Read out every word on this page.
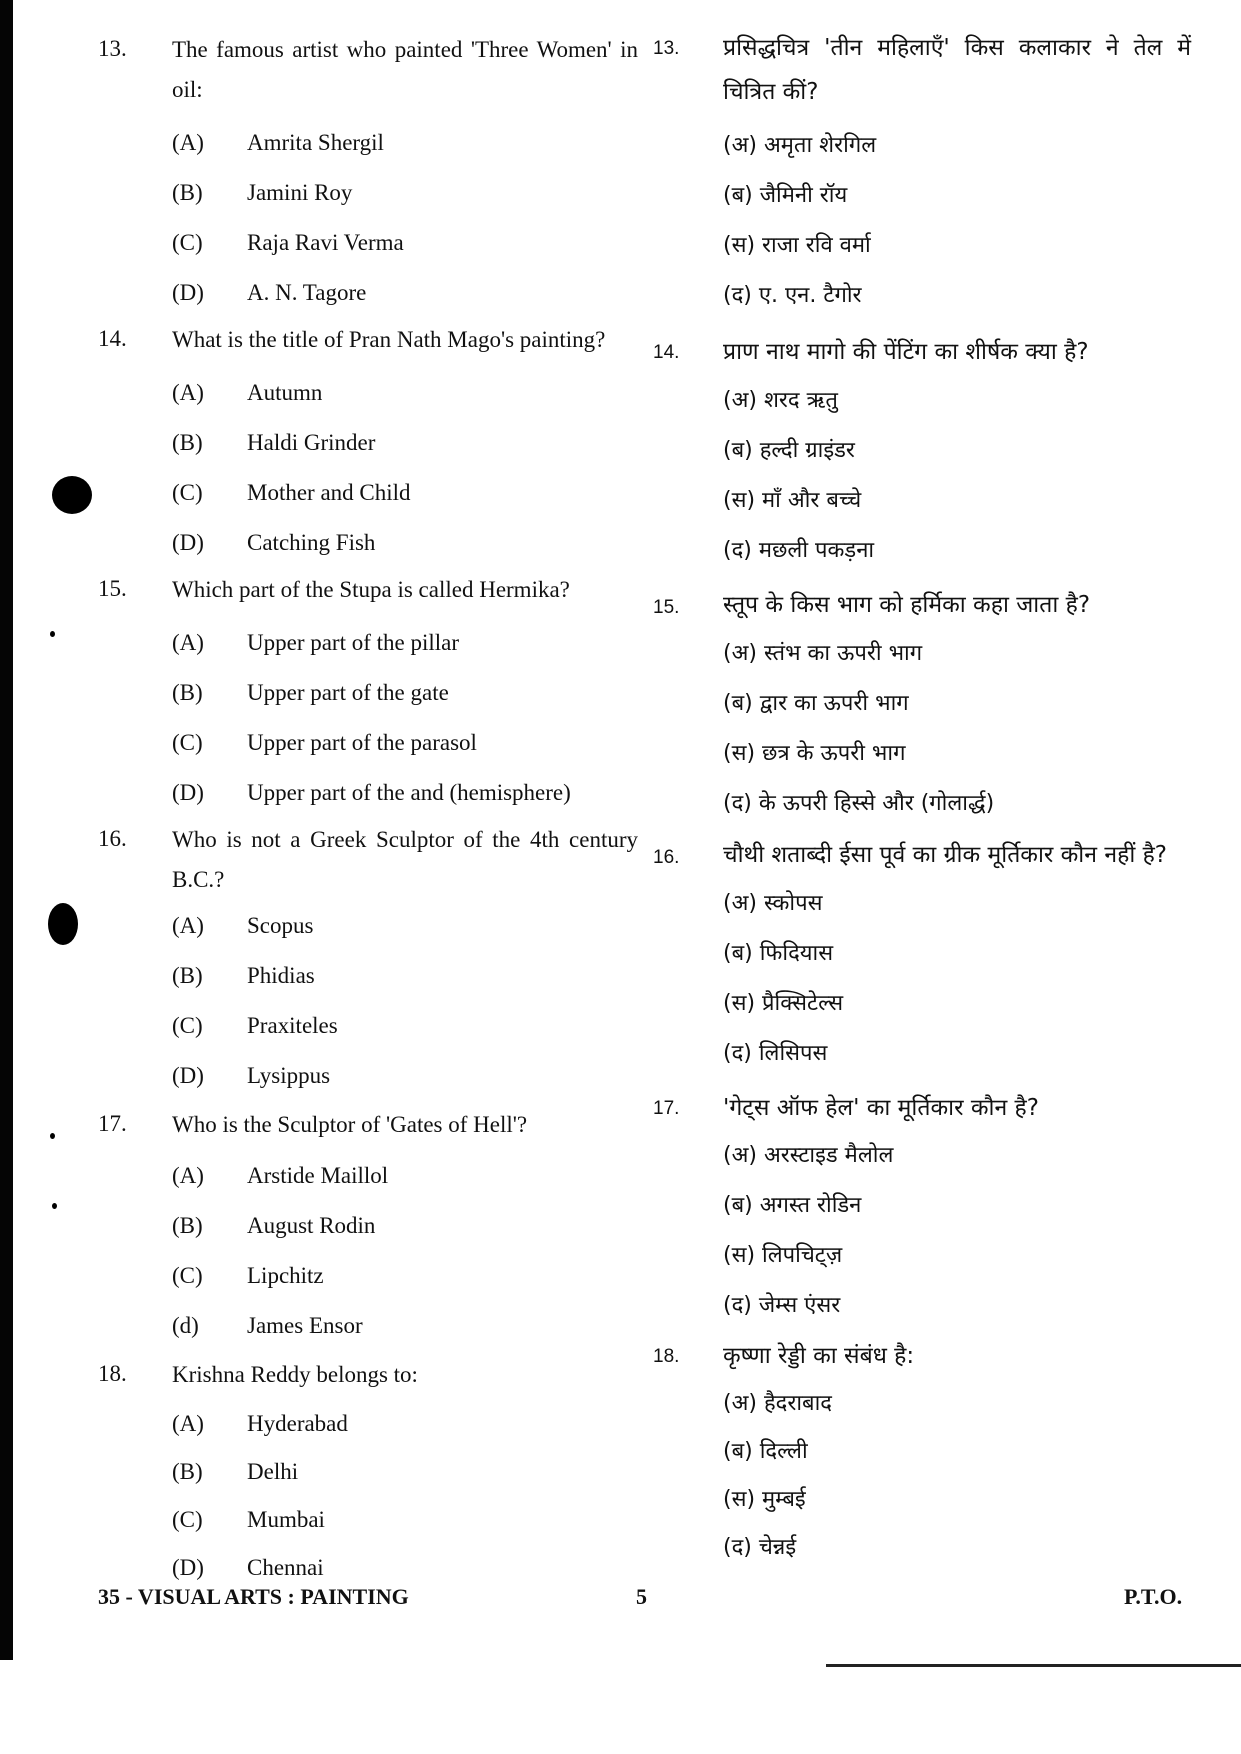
13. The famous artist who painted 'Three Women' in oil:
(A) Amrita Shergil
(B) Jamini Roy
(C) Raja Ravi Verma
(D) A. N. Tagore
14. What is the title of Pran Nath Mago's painting?
(A) Autumn
(B) Haldi Grinder
(C) Mother and Child
(D) Catching Fish
15. Which part of the Stupa is called Hermika?
(A) Upper part of the pillar
(B) Upper part of the gate
(C) Upper part of the parasol
(D) Upper part of the and (hemisphere)
16. Who is not a Greek Sculptor of the 4th century B.C.?
(A) Scopus
(B) Phidias
(C) Praxiteles
(D) Lysippus
17. Who is the Sculptor of 'Gates of Hell'?
(A) Arstide Maillol
(B) August Rodin
(C) Lipchitz
(d) James Ensor
18. Krishna Reddy belongs to:
(A) Hyderabad
(B) Delhi
(C) Mumbai
(D) Chennai
13. प्रसिद्धचित्र 'तीन महिलाएँ' किस कलाकार ने तेल में चित्रित कीं?
(अ) अमृता शेरगिल
(ब) जैमिनी रॉय
(स) राजा रवि वर्मा
(द) ए. एन. टैगोर
14. प्राण नाथ मागो की पेंटिंग का शीर्षक क्या है?
(अ) शरद ऋतु
(ब) हल्दी ग्राइंडर
(स) माँ और बच्चे
(द) मछली पकड़ना
15. स्तूप के किस भाग को हर्मिका कहा जाता है?
(अ) स्तंभ का ऊपरी भाग
(ब) द्वार का ऊपरी भाग
(स) छत्र के ऊपरी भाग
(द) के ऊपरी हिस्से और (गोलार्द्ध)
16. चौथी शताब्दी ईसा पूर्व का ग्रीक मूर्तिकार कौन नहीं है?
(अ) स्कोपस
(ब) फिदियास
(स) प्रैक्सिटेल्स
(द) लिसिपस
17. 'गेट्स ऑफ हेल' का मूर्तिकार कौन है?
(अ) अरस्टाइड मैलोल
(ब) अगस्त रोडिन
(स) लिपचिट्ज़
(द) जेम्स एंसर
18. कृष्णा रेड्डी का संबंध है:
(अ) हैदराबाद
(ब) दिल्ली
(स) मुम्बई
(द) चेन्नई
35 - VISUAL ARTS : PAINTING	5	P.T.O.
